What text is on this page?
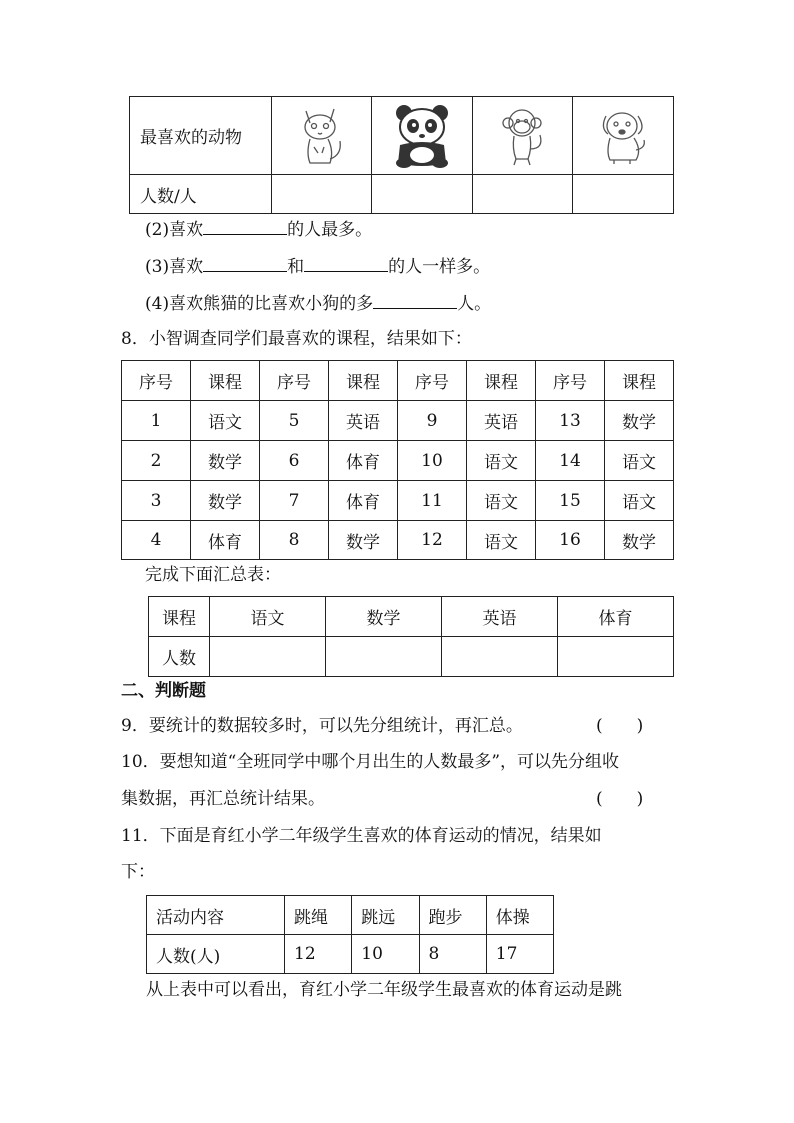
最喜欢的动物	

人数/人				
(2)喜欢	的人最多。
(3)喜欢	和	的人一样多。
(4)喜欢熊猫的比喜欢小狗的多	人。
8．小智调查同学们最喜欢的课程，结果如下：
序号	课程	序号	课程	序号	课程	序号	课程
1	语文	5	英语	9	英语	13	数学
2	数学	6	体育	10	语文	14	语文
3	数学	7	体育	11	语文	15	语文
4	体育	8	数学	12	语文	16	数学
完成下面汇总表：
课程	语文	数学	英语	体育
人数				
二、判断题
9．要统计的数据较多时，可以先分组统计，再汇总。	(　　)
10．要想知道“全班同学中哪个月出生的人数最多”，可以先分组收
集数据，再汇总统计结果。	(　　)
11．下面是育红小学二年级学生喜欢的体育运动的情况，结果如
下：
活动内容	跳绳	跳远	跑步	体操
人数(人)	12	10	8	17
从上表中可以看出，育红小学二年级学生最喜欢的体育运动是跳
